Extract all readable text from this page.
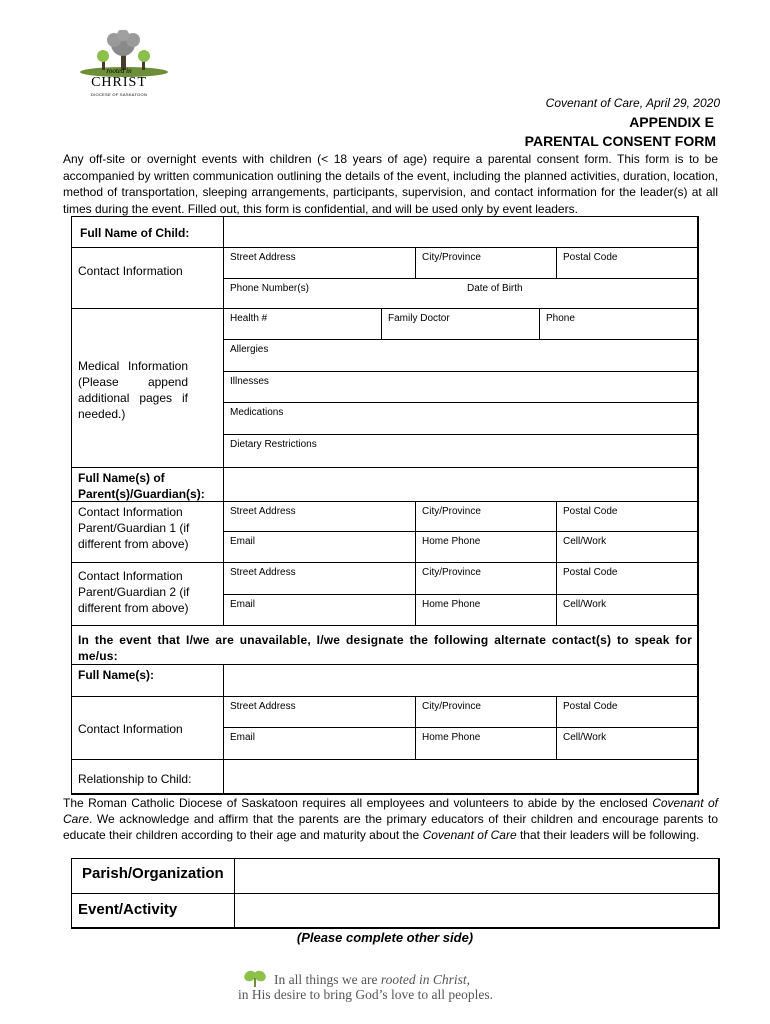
rooted in
CHRIST
DIOCESE OF SASKATOON
Covenant of Care, April 29, 2020
APPENDIX E
PARENTAL CONSENT FORM
Any off-site or overnight events with children (< 18 years of age) require a parental consent form. This form is to be accompanied by written communication outlining the details of the event, including the planned activities, duration, location, method of transportation, sleeping arrangements, participants, supervision, and contact information for the leader(s) at all times during the event. Filled out, this form is confidential, and will be used only by event leaders.
Full Name of Child:
Contact Information
Street Address	City/Province	Postal Code
Phone Number(s)	Date of Birth
Medical Information (Please append additional pages if needed.)
Health #	Family Doctor	Phone
Allergies
Illnesses
Medications
Dietary Restrictions
Full Name(s) of Parent(s)/Guardian(s):
Contact Information Parent/Guardian 1 (if different from above)
Street Address	City/Province	Postal Code
Email	Home Phone	Cell/Work
Contact Information Parent/Guardian 2 (if different from above)
Street Address	City/Province	Postal Code
Email	Home Phone	Cell/Work
In the event that I/we are unavailable, I/we designate the following alternate contact(s) to speak for me/us:
Full Name(s):
Contact Information
Street Address	City/Province	Postal Code
Email	Home Phone	Cell/Work
Relationship to Child:
The Roman Catholic Diocese of Saskatoon requires all employees and volunteers to abide by the enclosed Covenant of Care. We acknowledge and affirm that the parents are the primary educators of their children and encourage parents to educate their children according to their age and maturity about the Covenant of Care that their leaders will be following.
Parish/Organization
Event/Activity
(Please complete other side)
In all things we are rooted in Christ,
in His desire to bring God’s love to all peoples.
